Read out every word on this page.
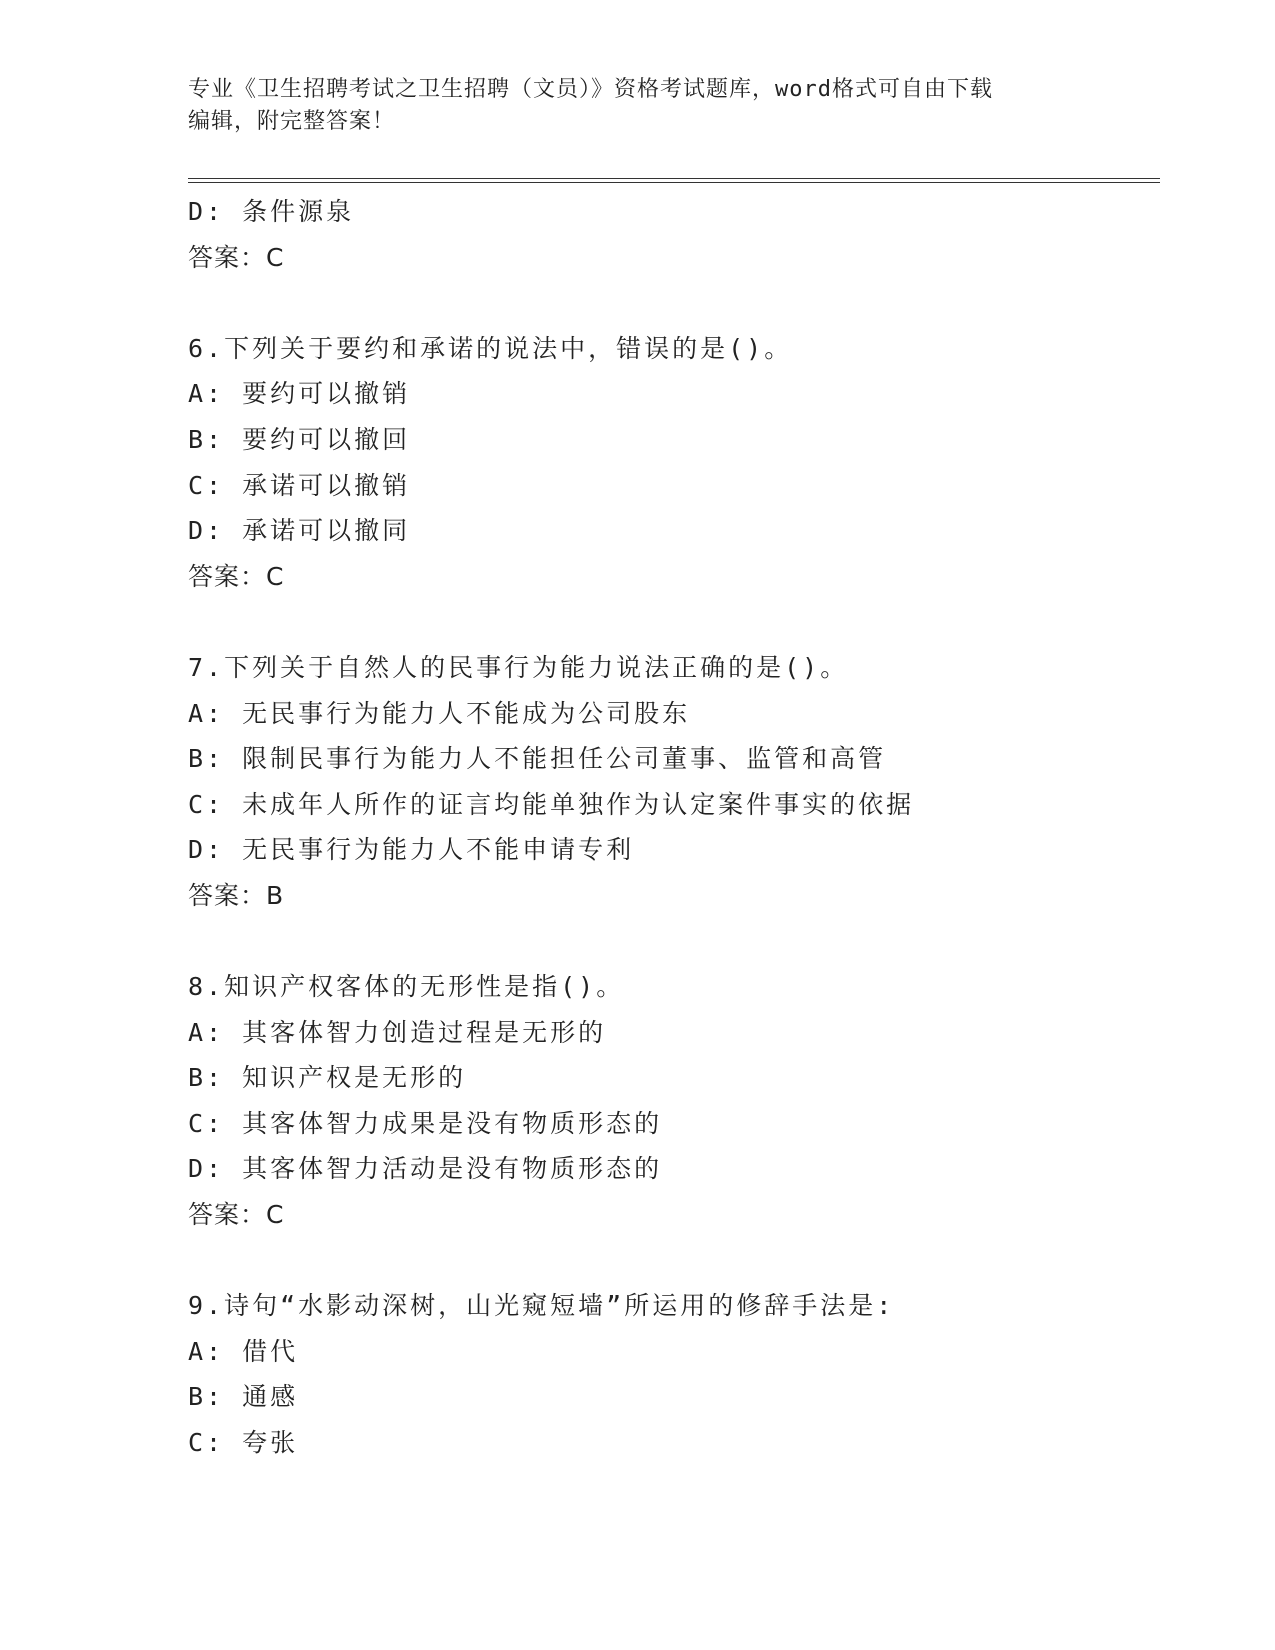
专业《卫生招聘考试之卫生招聘（文员）》资格考试题库，word格式可自由下载
编辑，附完整答案！
D: 条件源泉
答案：C
6.下列关于要约和承诺的说法中，错误的是()。
A: 要约可以撤销
B: 要约可以撤回
C: 承诺可以撤销
D: 承诺可以撤同
答案：C
7.下列关于自然人的民事行为能力说法正确的是()。
A: 无民事行为能力人不能成为公司股东
B: 限制民事行为能力人不能担任公司董事、监管和高管
C: 未成年人所作的证言均能单独作为认定案件事实的依据
D: 无民事行为能力人不能申请专利
答案：B
8.知识产权客体的无形性是指()。
A: 其客体智力创造过程是无形的
B: 知识产权是无形的
C: 其客体智力成果是没有物质形态的
D: 其客体智力活动是没有物质形态的
答案：C
9.诗句“水影动深树，山光窥短墙”所运用的修辞手法是:
A: 借代
B: 通感
C: 夸张
